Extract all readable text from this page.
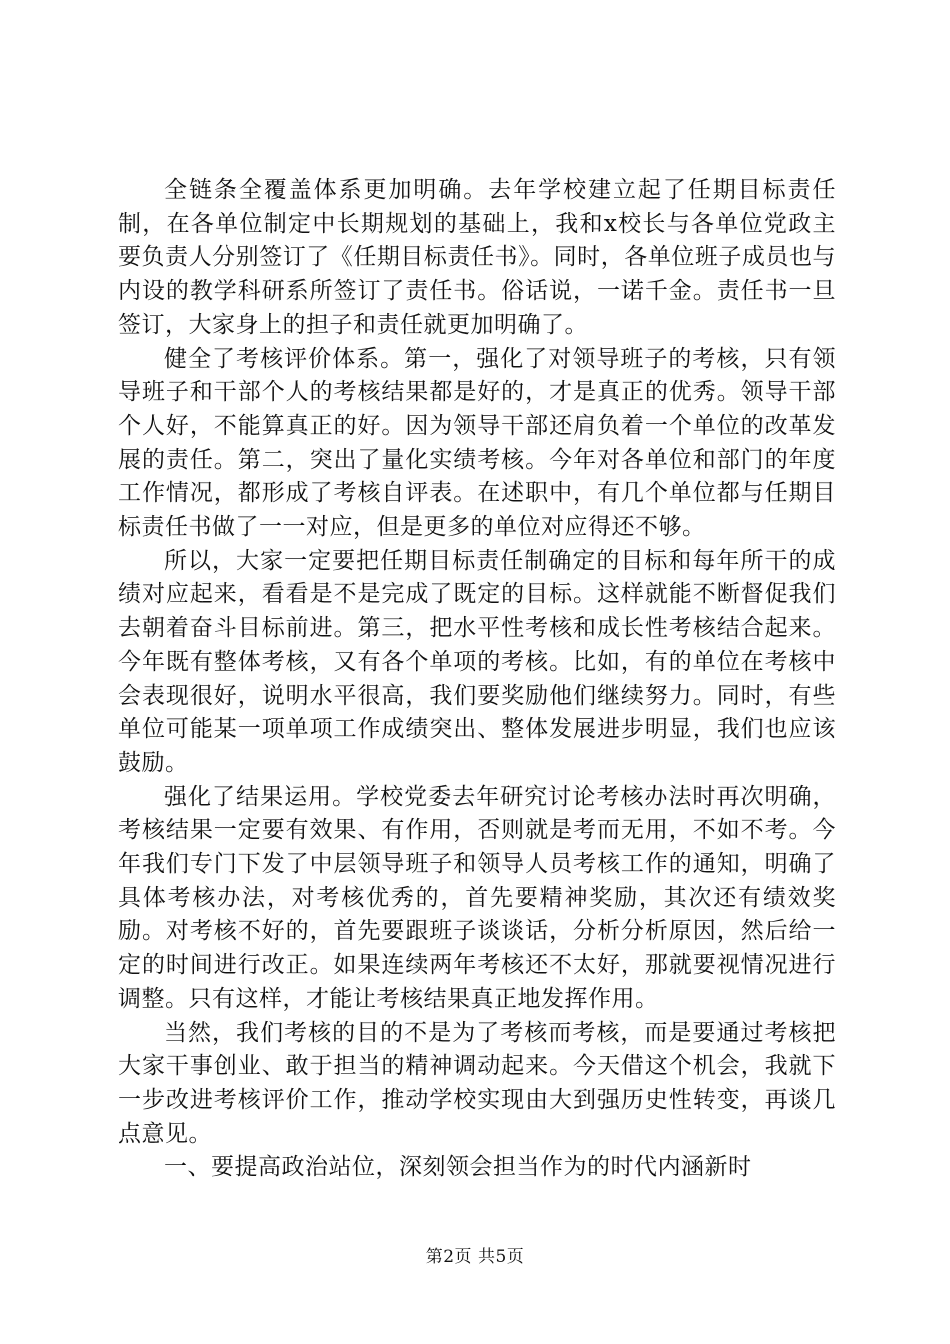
全链条全覆盖体系更加明确。去年学校建立起了任期目标责任制，在各单位制定中长期规划的基础上，我和x校长与各单位党政主要负责人分别签订了《任期目标责任书》。同时，各单位班子成员也与内设的教学科研系所签订了责任书。俗话说，一诺千金。责任书一旦签订，大家身上的担子和责任就更加明确了。

健全了考核评价体系。第一，强化了对领导班子的考核，只有领导班子和干部个人的考核结果都是好的，才是真正的优秀。领导干部个人好，不能算真正的好。因为领导干部还肩负着一个单位的改革发展的责任。第二，突出了量化实绩考核。今年对各单位和部门的年度工作情况，都形成了考核自评表。在述职中，有几个单位都与任期目标责任书做了一一对应，但是更多的单位对应得还不够。

所以，大家一定要把任期目标责任制确定的目标和每年所干的成绩对应起来，看看是不是完成了既定的目标。这样就能不断督促我们去朝着奋斗目标前进。第三，把水平性考核和成长性考核结合起来。今年既有整体考核，又有各个单项的考核。比如，有的单位在考核中会表现很好，说明水平很高，我们要奖励他们继续努力。同时，有些单位可能某一项单项工作成绩突出、整体发展进步明显，我们也应该鼓励。

强化了结果运用。学校党委去年研究讨论考核办法时再次明确，考核结果一定要有效果、有作用，否则就是考而无用，不如不考。今年我们专门下发了中层领导班子和领导人员考核工作的通知，明确了具体考核办法，对考核优秀的，首先要精神奖励，其次还有绩效奖励。对考核不好的，首先要跟班子谈谈话，分析分析原因，然后给一定的时间进行改正。如果连续两年考核还不太好，那就要视情况进行调整。只有这样，才能让考核结果真正地发挥作用。

当然，我们考核的目的不是为了考核而考核，而是要通过考核把大家干事创业、敢于担当的精神调动起来。今天借这个机会，我就下一步改进考核评价工作，推动学校实现由大到强历史性转变，再谈几点意见。

一、要提高政治站位，深刻领会担当作为的时代内涵新时

第2页 共5页
